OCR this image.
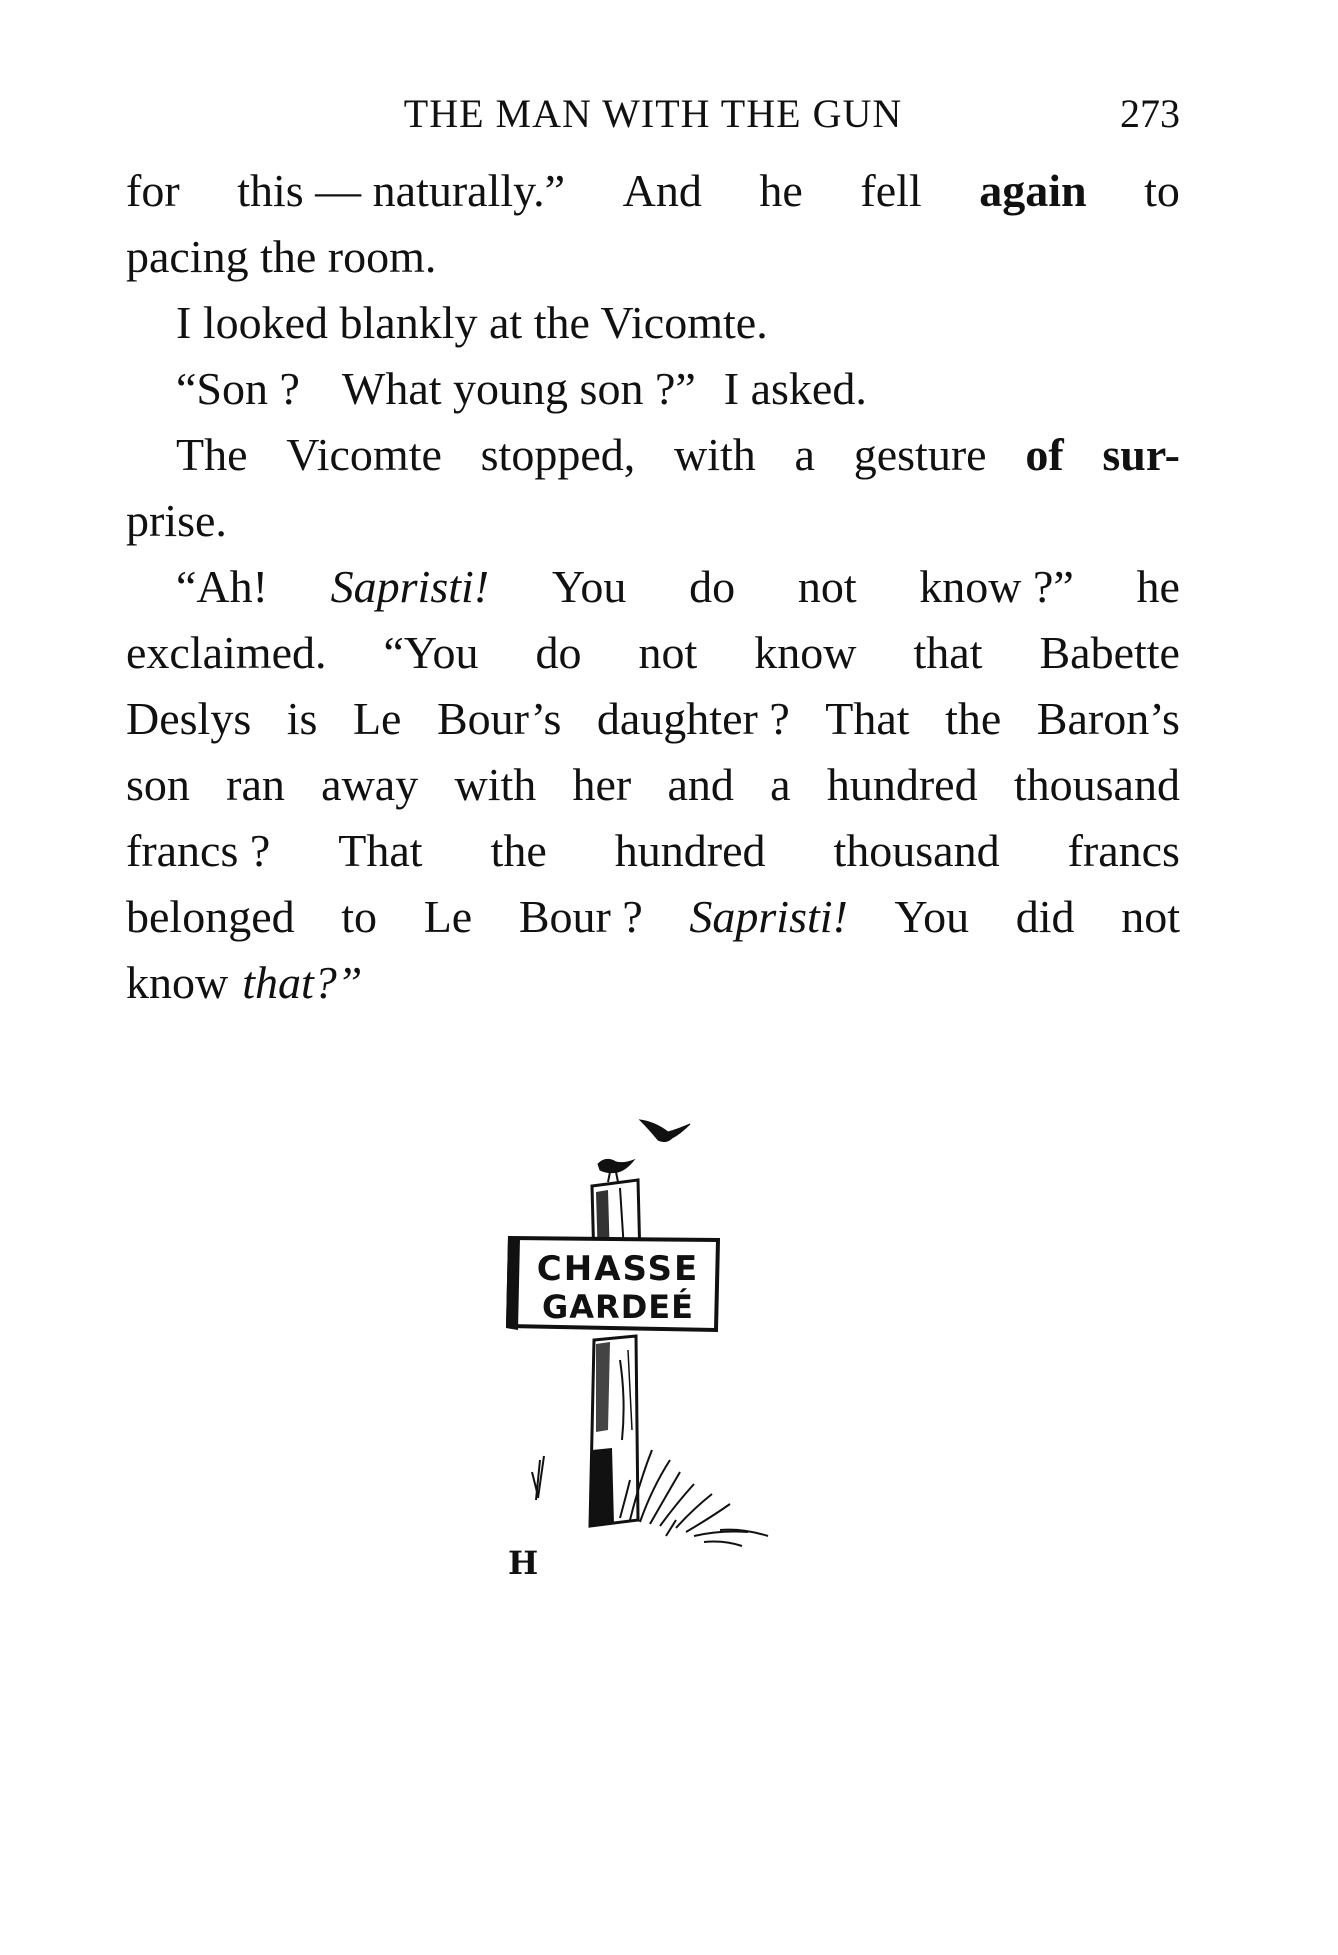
THE MAN WITH THE GUN	273
for this — naturally.” And he fell again to
pacing the room.
I looked blankly at the Vicomte.
“Son ? What young son ?” I asked.
The Vicomte stopped, with a gesture of sur-
prise.
“Ah! Sapristi! You do not know ?” he
exclaimed. “You do not know that Babette
Deslys is Le Bour’s daughter ? That the Baron’s
son ran away with her and a hundred thousand
francs ? That the hundred thousand francs
belonged to Le Bour ? Sapristi! You did not
know that?”
CHASSE
GARDEÉ
H
